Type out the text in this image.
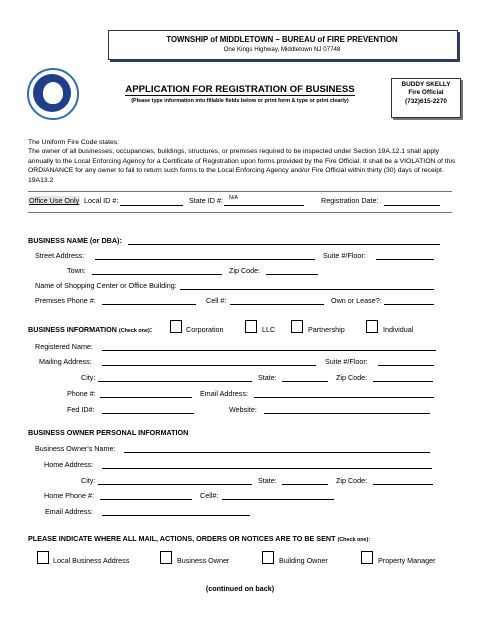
TOWNSHIP of MIDDLETOWN – BUREAU of FIRE PREVENTION
One Kings Highway, Middletown NJ 07748
APPLICATION FOR REGISTRATION OF BUSINESS
(Please type information into fillable fields below or print form & type or print clearly)
BUDDY SKELLY
Fire Official
(732)615-2270
The Uniform Fire Code states:
The owner of all businesses, occupancies, buildings, structures, or premises required to be inspected under Section 19A.12.1 shall apply annually to the Local Enforcing Agency for a Certificate of Registration upon forms provided by the Fire Official. It shall be a VIOLATION of this ORDIANANCE for any owner to fail to return such forms to the Local Enforcing Agency and/or Fire Official within thirty (30) days of receipt. 19A13.2
Office Use Only Local ID #:	State ID #: N/A	Registration Date:
BUSINESS NAME (or DBA):
Street Address:	Suite #/Floor:
Town:	Zip Code:
Name of Shopping Center or Office Building:
Premises Phone #:	Cell #:	Own or Lease?:
BUSINESS INFORMATION (Check one):	Corporation	LLC	Partnership	Individual
Registered Name:
Mailing Address:	Suite #/Floor:
City:	State:	Zip Code:
Phone #:	Email Address:
Fed ID#:	Website:
BUSINESS OWNER PERSONAL INFORMATION
Business Owner's Name:
Home Address:
City:	State:	Zip Code:
Home Phone #:	Cell#:
Email Address:
PLEASE INDICATE WHERE ALL MAIL, ACTIONS, ORDERS OR NOTICES ARE TO BE SENT (Check one):
Local Business Address	Business Owner	Building Owner	Property Manager
(continued on back)
